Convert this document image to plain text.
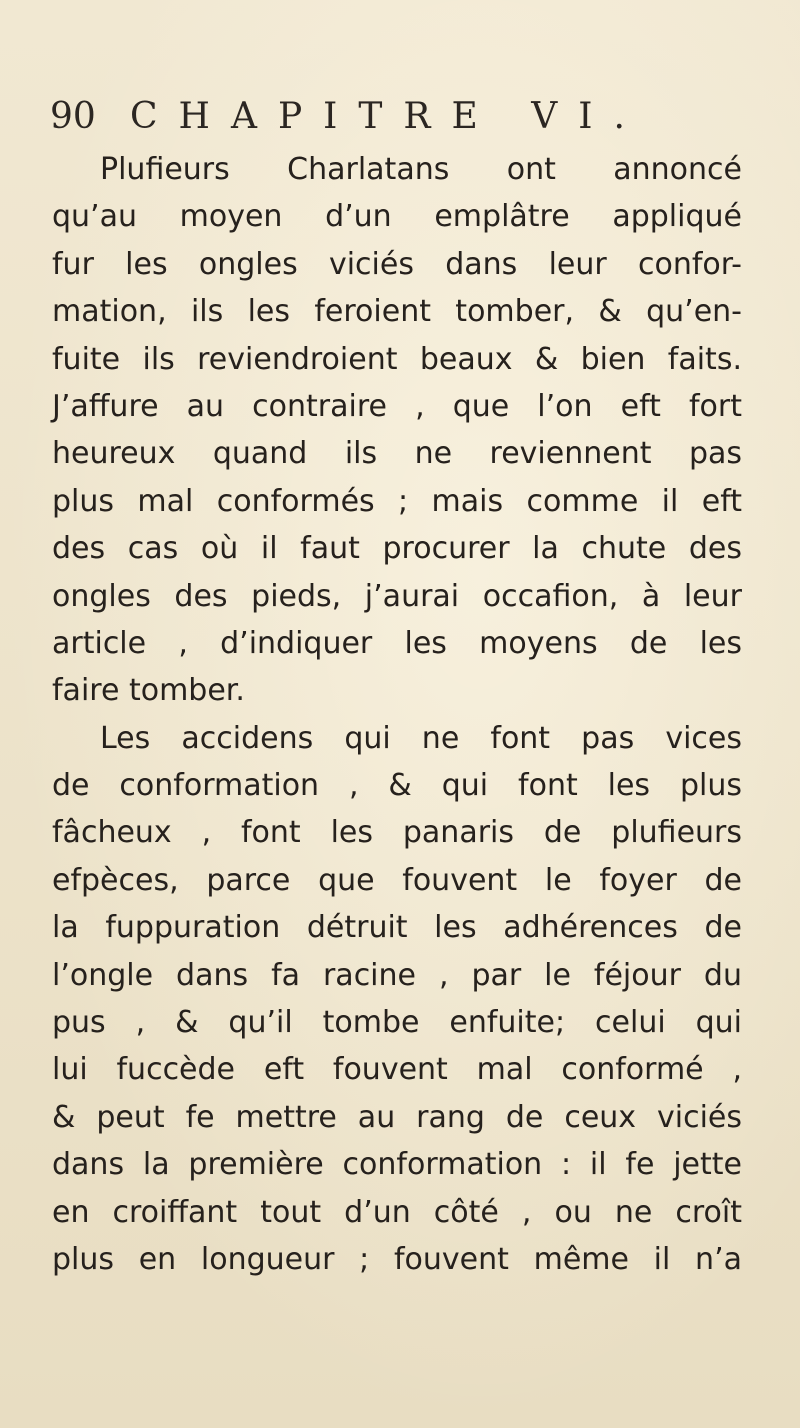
90 CHAPITRE VI.
Plufieurs Charlatans ont annoncé
qu’au moyen d’un emplâtre appliqué
fur les ongles viciés dans leur confor-
mation, ils les feroient tomber, & qu’en-
fuite ils reviendroient beaux & bien faits.
J’affure au contraire , que l’on eft fort
heureux quand ils ne reviennent pas
plus mal conformés ; mais comme il eft
des cas où il faut procurer la chute des
ongles des pieds, j’aurai occafion, à leur
article , d’indiquer les moyens de les
faire tomber.
Les accidens qui ne font pas vices
de conformation , & qui font les plus
fâcheux , font les panaris de plufieurs
efpèces, parce que fouvent le foyer de
la fuppuration détruit les adhérences de
l’ongle dans fa racine , par le féjour du
pus , & qu’il tombe enfuite; celui qui
lui fuccède eft fouvent mal conformé ,
& peut fe mettre au rang de ceux viciés
dans la première conformation : il fe jette
en croiffant tout d’un côté , ou ne croît
plus en longueur ; fouvent même il n’a
